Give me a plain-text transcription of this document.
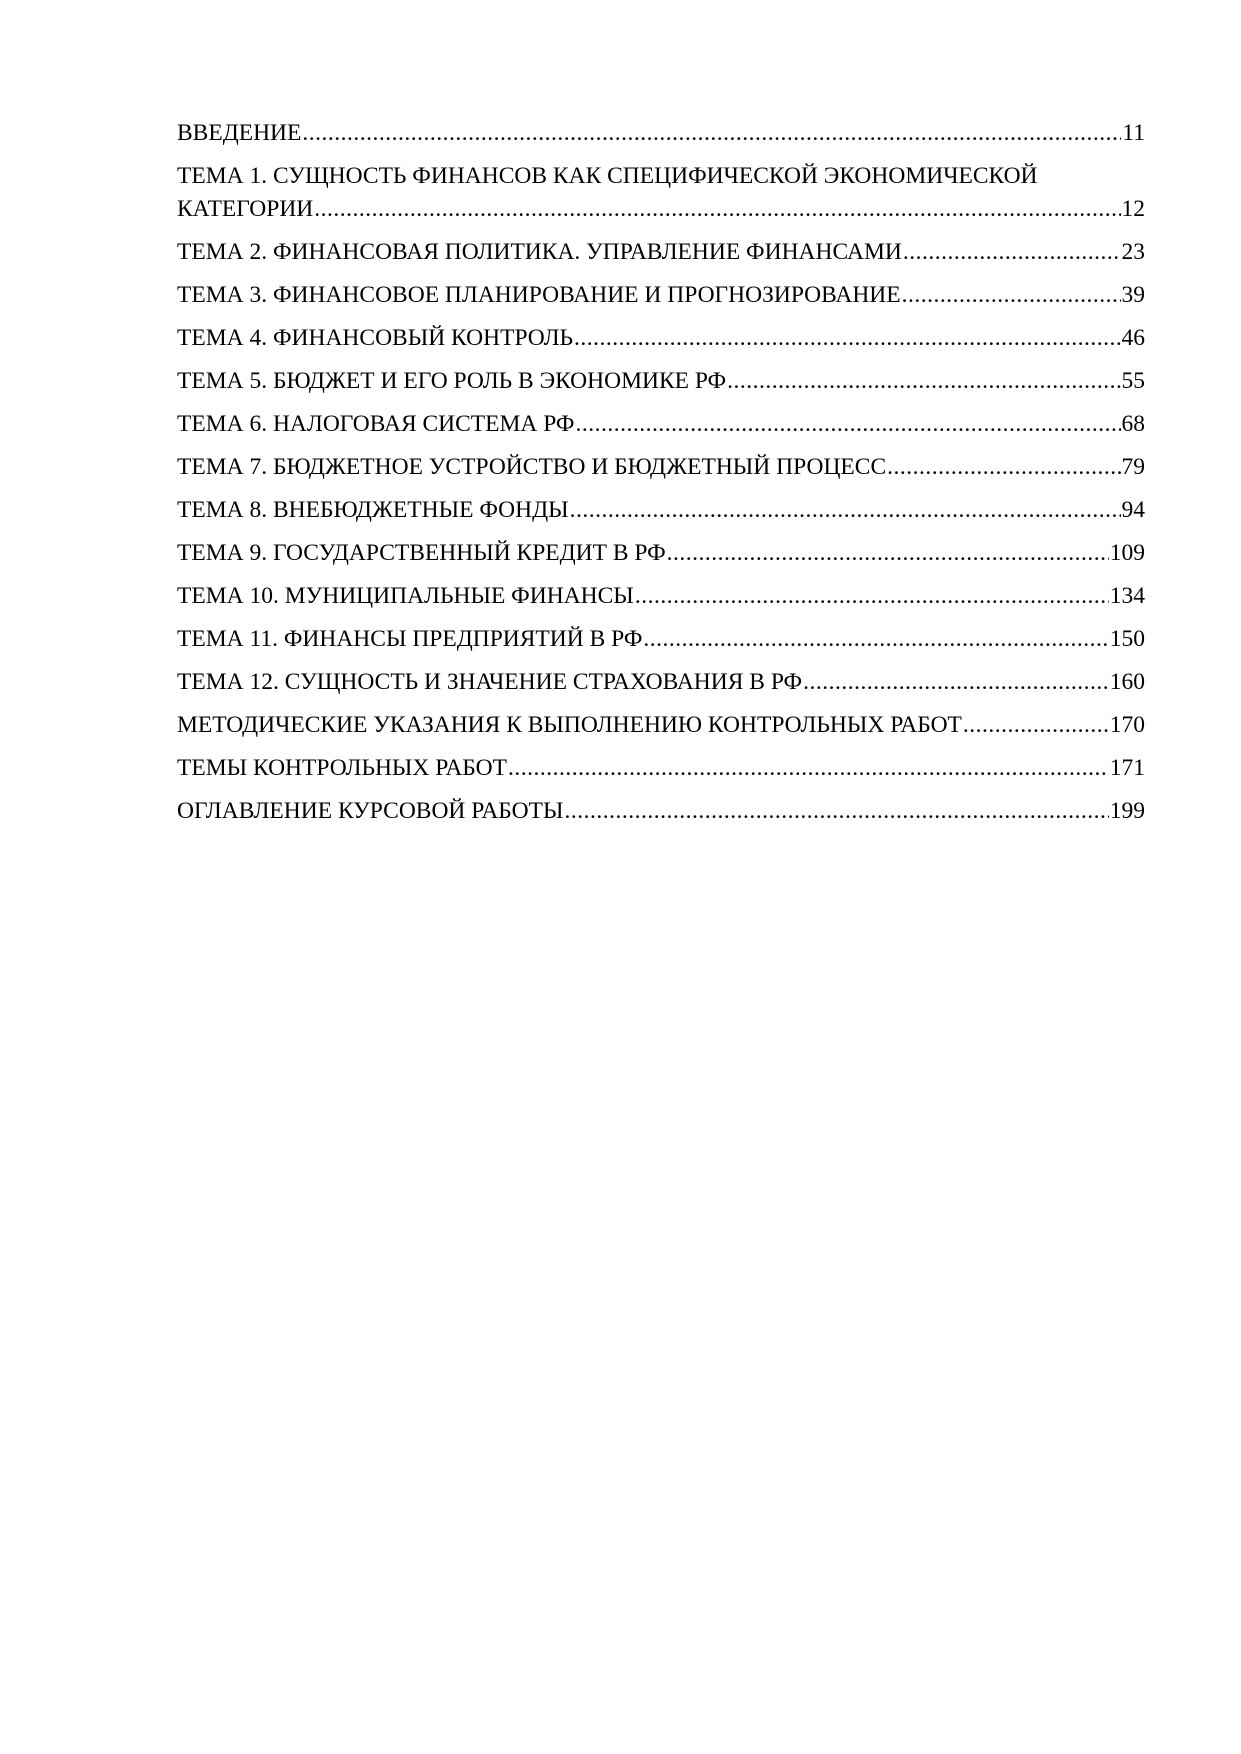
ВВЕДЕНИЕ .....	11
ТЕМА 1. СУЩНОСТЬ ФИНАНСОВ КАК СПЕЦИФИЧЕСКОЙ ЭКОНОМИЧЕСКОЙ
КАТЕГОРИИ .....	12
ТЕМА 2. ФИНАНСОВАЯ ПОЛИТИКА. УПРАВЛЕНИЕ ФИНАНСАМИ .....	23
ТЕМА 3. ФИНАНСОВОЕ ПЛАНИРОВАНИЕ И ПРОГНОЗИРОВАНИЕ .....	39
ТЕМА 4. ФИНАНСОВЫЙ КОНТРОЛЬ .....	46
ТЕМА 5. БЮДЖЕТ И ЕГО РОЛЬ В ЭКОНОМИКЕ РФ .....	55
ТЕМА 6. НАЛОГОВАЯ СИСТЕМА РФ .....	68
ТЕМА 7. БЮДЖЕТНОЕ УСТРОЙСТВО И БЮДЖЕТНЫЙ ПРОЦЕСС .....	79
ТЕМА 8. ВНЕБЮДЖЕТНЫЕ ФОНДЫ .....	94
ТЕМА 9. ГОСУДАРСТВЕННЫЙ КРЕДИТ В РФ .....	109
ТЕМА 10. МУНИЦИПАЛЬНЫЕ ФИНАНСЫ .....	134
ТЕМА 11. ФИНАНСЫ ПРЕДПРИЯТИЙ В РФ .....	150
ТЕМА 12. СУЩНОСТЬ И ЗНАЧЕНИЕ СТРАХОВАНИЯ В РФ .....	160
МЕТОДИЧЕСКИЕ УКАЗАНИЯ К ВЫПОЛНЕНИЮ КОНТРОЛЬНЫХ РАБОТ .....	170
ТЕМЫ КОНТРОЛЬНЫХ РАБОТ .....	171
ОГЛАВЛЕНИЕ КУРСОВОЙ РАБОТЫ .....	199
